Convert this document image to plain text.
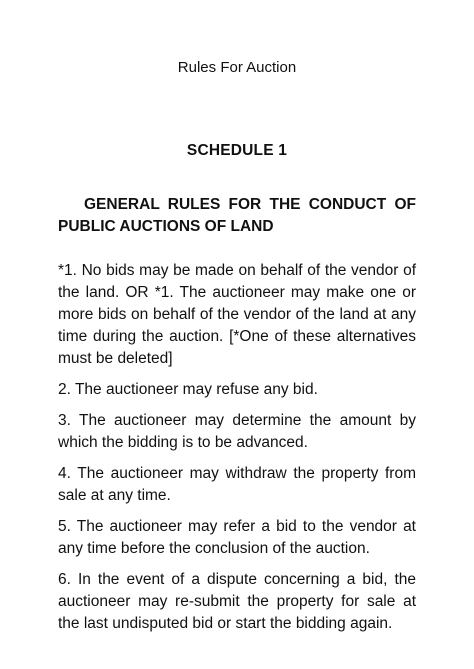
Rules For Auction
SCHEDULE 1
GENERAL RULES FOR THE CONDUCT OF
PUBLIC AUCTIONS OF LAND

*1. No bids may be made on behalf of the vendor of the land. OR *1. The auctioneer may make one or more bids on behalf of the vendor of the land at any time during the auction. [*One of these alternatives must be deleted]

2. The auctioneer may refuse any bid.

3. The auctioneer may determine the amount by which the bidding is to be advanced.

4. The auctioneer may withdraw the property from sale at any time.

5. The auctioneer may refer a bid to the vendor at any time before the conclusion of the auction.

6. In the event of a dispute concerning a bid, the auctioneer may re-submit the property for sale at the last undisputed bid or start the bidding again.
